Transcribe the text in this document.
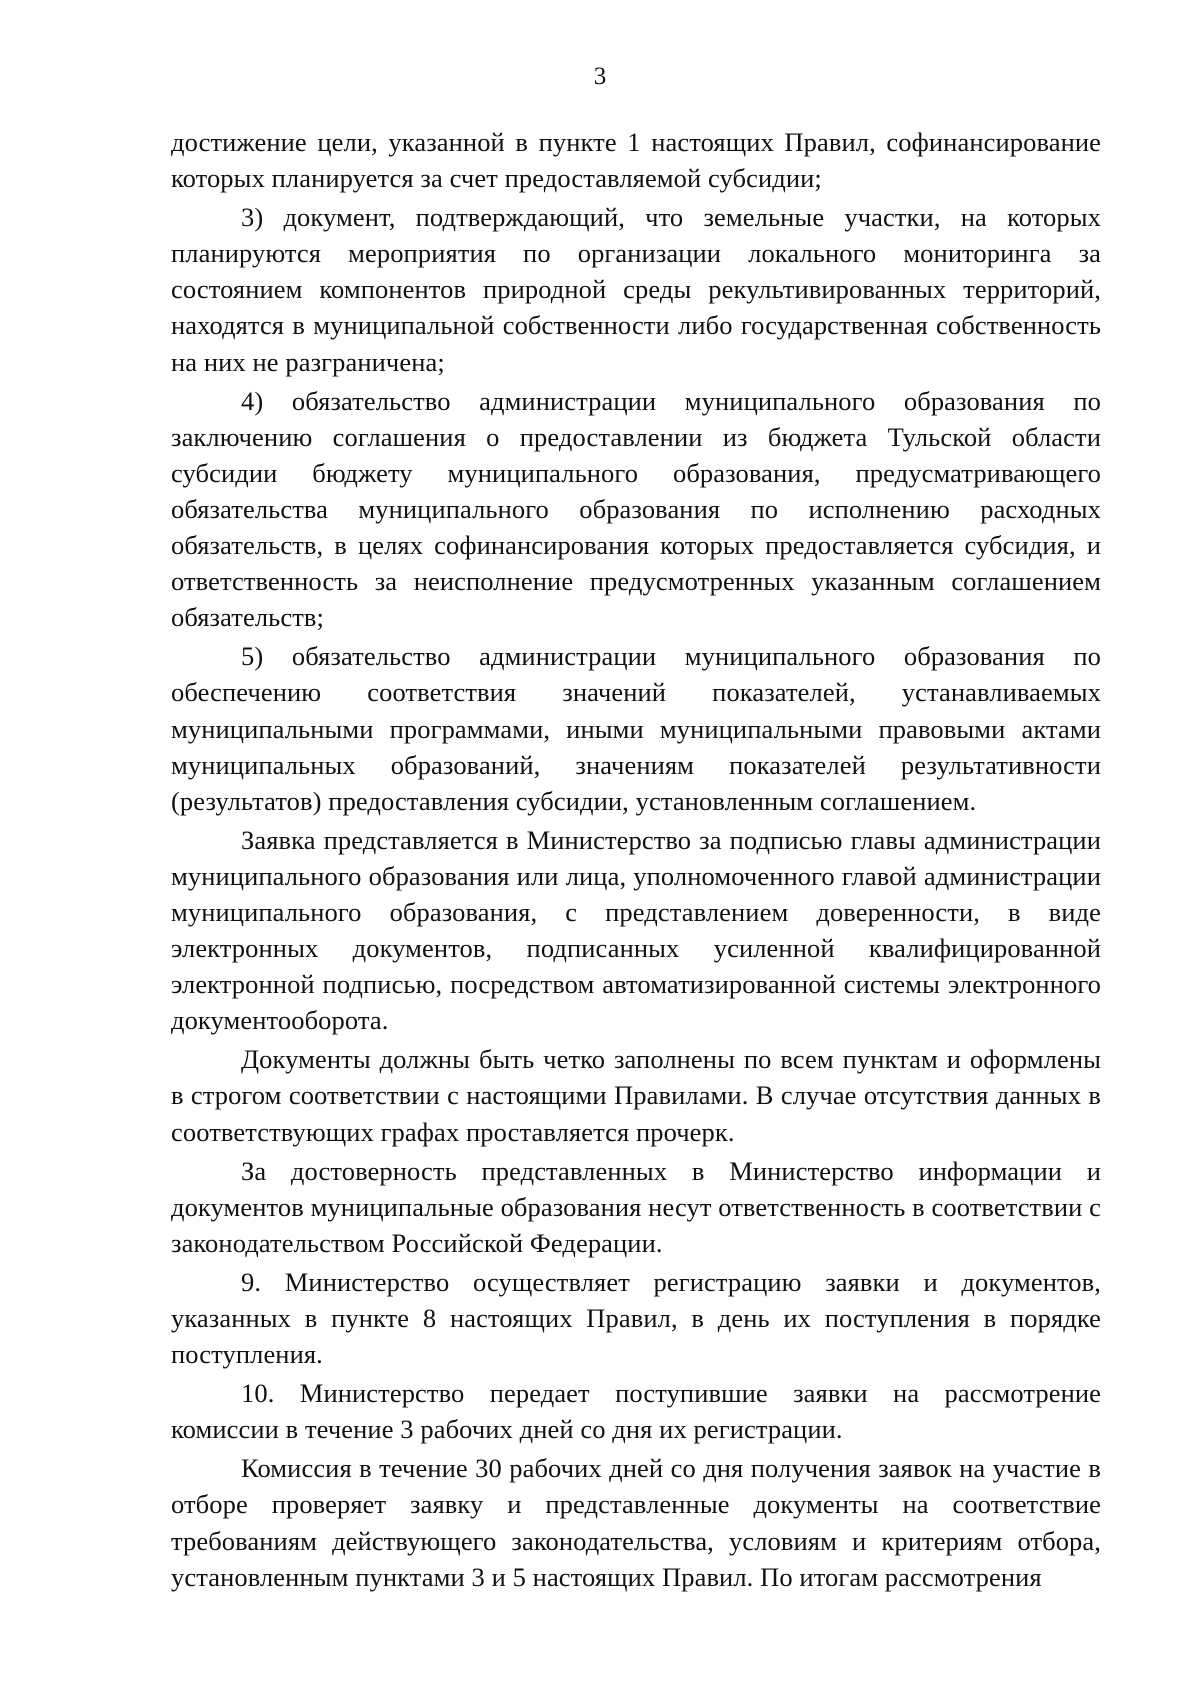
3

достижение цели, указанной в пункте 1 настоящих Правил, софинансирование которых планируется за счет предоставляемой субсидии;

3) документ, подтверждающий, что земельные участки, на которых планируются мероприятия по организации локального мониторинга за состоянием компонентов природной среды рекультивированных территорий, находятся в муниципальной собственности либо государственная собственность на них не разграничена;

4) обязательство администрации муниципального образования по заключению соглашения о предоставлении из бюджета Тульской области субсидии бюджету муниципального образования, предусматривающего обязательства муниципального образования по исполнению расходных обязательств, в целях софинансирования которых предоставляется субсидия, и ответственность за неисполнение предусмотренных указанным соглашением обязательств;

5) обязательство администрации муниципального образования по обеспечению соответствия значений показателей, устанавливаемых муниципальными программами, иными муниципальными правовыми актами муниципальных образований, значениям показателей результативности (результатов) предоставления субсидии, установленным соглашением.

Заявка представляется в Министерство за подписью главы администрации муниципального образования или лица, уполномоченного главой администрации муниципального образования, с представлением доверенности, в виде электронных документов, подписанных усиленной квалифицированной электронной подписью, посредством автоматизированной системы электронного документооборота.

Документы должны быть четко заполнены по всем пунктам и оформлены в строгом соответствии с настоящими Правилами. В случае отсутствия данных в соответствующих графах проставляется прочерк.

За достоверность представленных в Министерство информации и документов муниципальные образования несут ответственность в соответствии с законодательством Российской Федерации.

9. Министерство осуществляет регистрацию заявки и документов, указанных в пункте 8 настоящих Правил, в день их поступления в порядке поступления.

10. Министерство передает поступившие заявки на рассмотрение комиссии в течение 3 рабочих дней со дня их регистрации.

Комиссия в течение 30 рабочих дней со дня получения заявок на участие в отборе проверяет заявку и представленные документы на соответствие требованиям действующего законодательства, условиям и критериям отбора, установленным пунктами 3 и 5 настоящих Правил. По итогам рассмотрения
